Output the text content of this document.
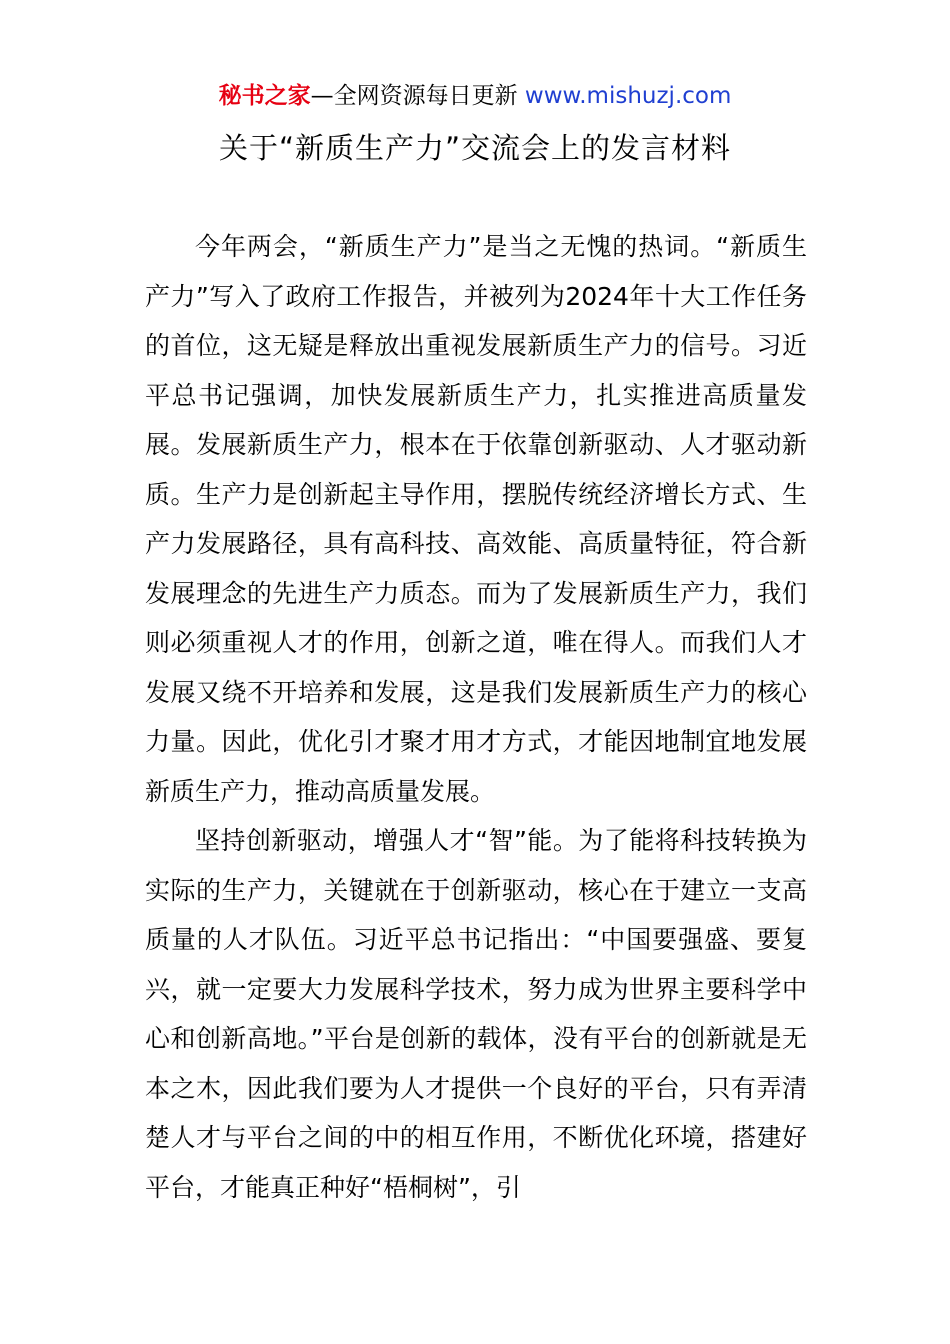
秘书之家—全网资源每日更新 www.mishuzj.com
关于“新质生产力”交流会上的发言材料

今年两会，“新质生产力”是当之无愧的热词。“新质生产力”写入了政府工作报告，并被列为2024年十大工作任务的首位，这无疑是释放出重视发展新质生产力的信号。习近平总书记强调，加快发展新质生产力，扎实推进高质量发展。发展新质生产力，根本在于依靠创新驱动、人才驱动新质。生产力是创新起主导作用，摆脱传统经济增长方式、生产力发展路径，具有高科技、高效能、高质量特征，符合新发展理念的先进生产力质态。而为了发展新质生产力，我们则必须重视人才的作用，创新之道，唯在得人。而我们人才发展又绕不开培养和发展，这是我们发展新质生产力的核心力量。因此，优化引才聚才用才方式，才能因地制宜地发展新质生产力，推动高质量发展。

坚持创新驱动，增强人才“智”能。为了能将科技转换为实际的生产力，关键就在于创新驱动，核心在于建立一支高质量的人才队伍。习近平总书记指出：“中国要强盛、要复兴，就一定要大力发展科学技术，努力成为世界主要科学中心和创新高地。”平台是创新的载体，没有平台的创新就是无本之木，因此我们要为人才提供一个良好的平台，只有弄清楚人才与平台之间的中的相互作用，不断优化环境，搭建好平台，才能真正种好“梧桐树”，引
